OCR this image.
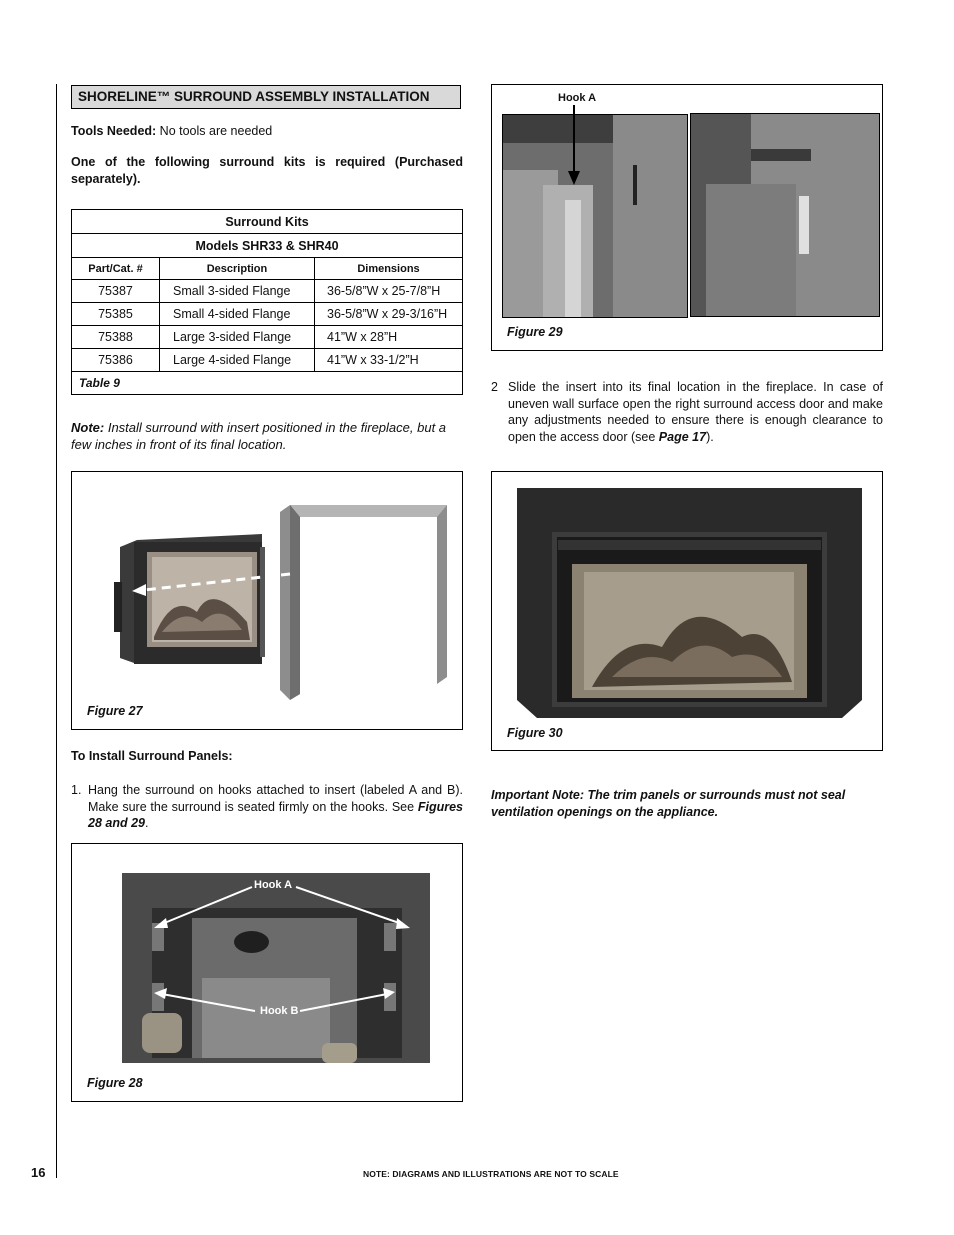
SHORELINE™ SURROUND ASSEMBLY INSTALLATION
Tools Needed: No tools are needed
One of the following surround kits is required (Purchased separately).
Surround Kits		
Models SHR33 & SHR40		
Part/Cat. #	Description	Dimensions
75387	Small 3-sided Flange	36-5/8”W x 25-7/8”H
75385	Small 4-sided Flange	36-5/8”W x 29-3/16”H
75388	Large 3-sided Flange	41”W x 28”H
75386	Large 4-sided Flange	41”W x 33-1/2”H
Table 9		
Note: Install surround with insert positioned in the fireplace, but a few inches in front of its final location.
Figure 27
To Install Surround Panels:
1. Hang the surround on hooks attached to insert (labeled A and B). Make sure the surround is seated firmly on the hooks. See Figures 28 and 29.
Hook A
Hook B
Figure 28
Hook A
Figure 29
2 Slide the insert into its final location in the fireplace. In case of uneven wall surface open the right surround access door and make any adjustments needed to ensure there is enough clearance to open the access door (see Page 17).
Figure 30
Important Note: The trim panels or surrounds must not seal ventilation openings on the appliance.
16	NOTE: DIAGRAMS AND ILLUSTRATIONS ARE NOT TO SCALE
